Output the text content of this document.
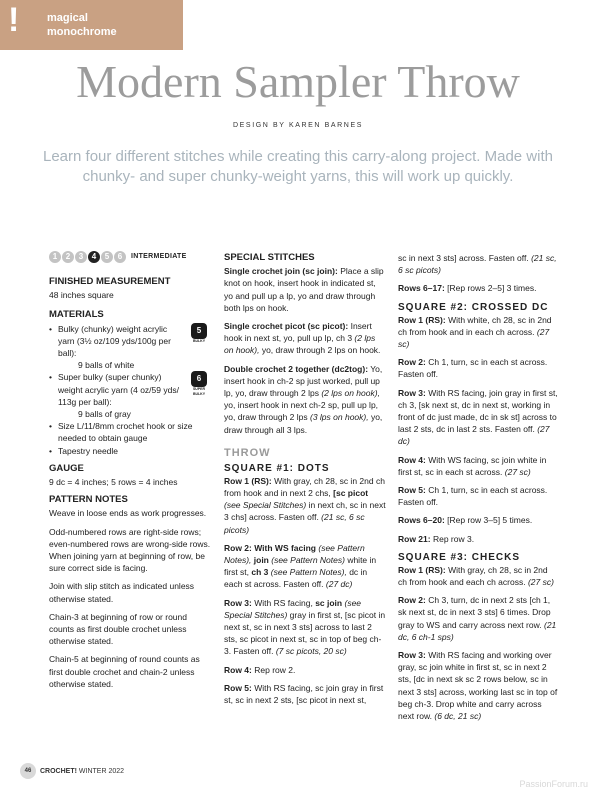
!	magical
monochrome
Modern Sampler Throw
DESIGN BY KAREN BARNES
Learn four different stitches while creating this carry-along project. Made with chunky- and super chunky-weight yarns, this will work up quickly.
1	2	3	4	5	6	INTERMEDIATE
FINISHED MEASUREMENT

48 inches square

MATERIALS
• Bulky (chunky) weight acrylic yarn (3½ oz/109 yds/100g per ball):
9 balls of white
5
BULKY
• Super bulky (super chunky) weight acrylic yarn (4 oz/59 yds/ 113g per ball):
9 balls of gray
6
SUPER BULKY
• Size L/11/8mm crochet hook or size needed to obtain gauge
• Tapestry needle
GAUGE

9 dc = 4 inches; 5 rows = 4 inches

PATTERN NOTES

Weave in loose ends as work progresses.

Odd-numbered rows are right-side rows; even-numbered rows are wrong-side rows. When joining yarn at beginning of row, be sure correct side is facing.

Join with slip stitch as indicated unless otherwise stated.

Chain-3 at beginning of row or round counts as first double crochet unless otherwise stated.

Chain-5 at beginning of round counts as first double crochet and chain-2 unless otherwise stated.

SPECIAL STITCHES

Single crochet join (sc join): Place a slip knot on hook, insert hook in indicated st, yo and pull up a lp, yo and draw through both lps on hook.

Single crochet picot (sc picot): Insert hook in next st, yo, pull up lp, ch 3 (2 lps on hook), yo, draw through 2 lps on hook.

Double crochet 2 together (dc2tog): Yo, insert hook in ch-2 sp just worked, pull up lp, yo, draw through 2 lps (2 lps on hook), yo, insert hook in next ch-2 sp, pull up lp, yo, draw through 2 lps (3 lps on hook), yo, draw through all 3 lps.

THROW
SQUARE #1: DOTS

Row 1 (RS): With gray, ch 28, sc in 2nd ch from hook and in next 2 chs, [sc picot (see Special Stitches) in next ch, sc in next 3 chs] across. Fasten off. (21 sc, 6 sc picots)

Row 2: With WS facing (see Pattern Notes), join (see Pattern Notes) white in first st, ch 3 (see Pattern Notes), dc in each st across. Fasten off. (27 dc)

Row 3: With RS facing, sc join (see Special Stitches) gray in first st, [sc picot in next st, sc in next 3 sts] across to last 2 sts, sc picot in next st, sc in top of beg ch-3. Fasten off. (7 sc picots, 20 sc)

Row 4: Rep row 2.

Row 5: With RS facing, sc join gray in first st, sc in next 2 sts, [sc picot in next st,

sc in next 3 sts] across. Fasten off. (21 sc, 6 sc picots)

Rows 6–17: [Rep rows 2–5] 3 times.

SQUARE #2: CROSSED DC

Row 1 (RS): With white, ch 28, sc in 2nd ch from hook and in each ch across. (27 sc)

Row 2: Ch 1, turn, sc in each st across. Fasten off.

Row 3: With RS facing, join gray in first st, ch 3, [sk next st, dc in next st, working in front of dc just made, dc in sk st] across to last 2 sts, dc in last 2 sts. Fasten off. (27 dc)

Row 4: With WS facing, sc join white in first st, sc in each st across. (27 sc)

Row 5: Ch 1, turn, sc in each st across. Fasten off.

Rows 6–20: [Rep row 3–5] 5 times.

Row 21: Rep row 3.

SQUARE #3: CHECKS

Row 1 (RS): With gray, ch 28, sc in 2nd ch from hook and each ch across. (27 sc)

Row 2: Ch 3, turn, dc in next 2 sts [ch 1, sk next st, dc in next 3 sts] 6 times. Drop gray to WS and carry across next row. (21 dc, 6 ch-1 sps)

Row 3: With RS facing and working over gray, sc join white in first st, sc in next 2 sts, [dc in next sk sc 2 rows below, sc in next 3 sts] across, working last sc in top of beg ch-3. Drop white and carry across next row. (6 dc, 21 sc)

46	CROCHET! WINTER 2022
PassionForum.ru
